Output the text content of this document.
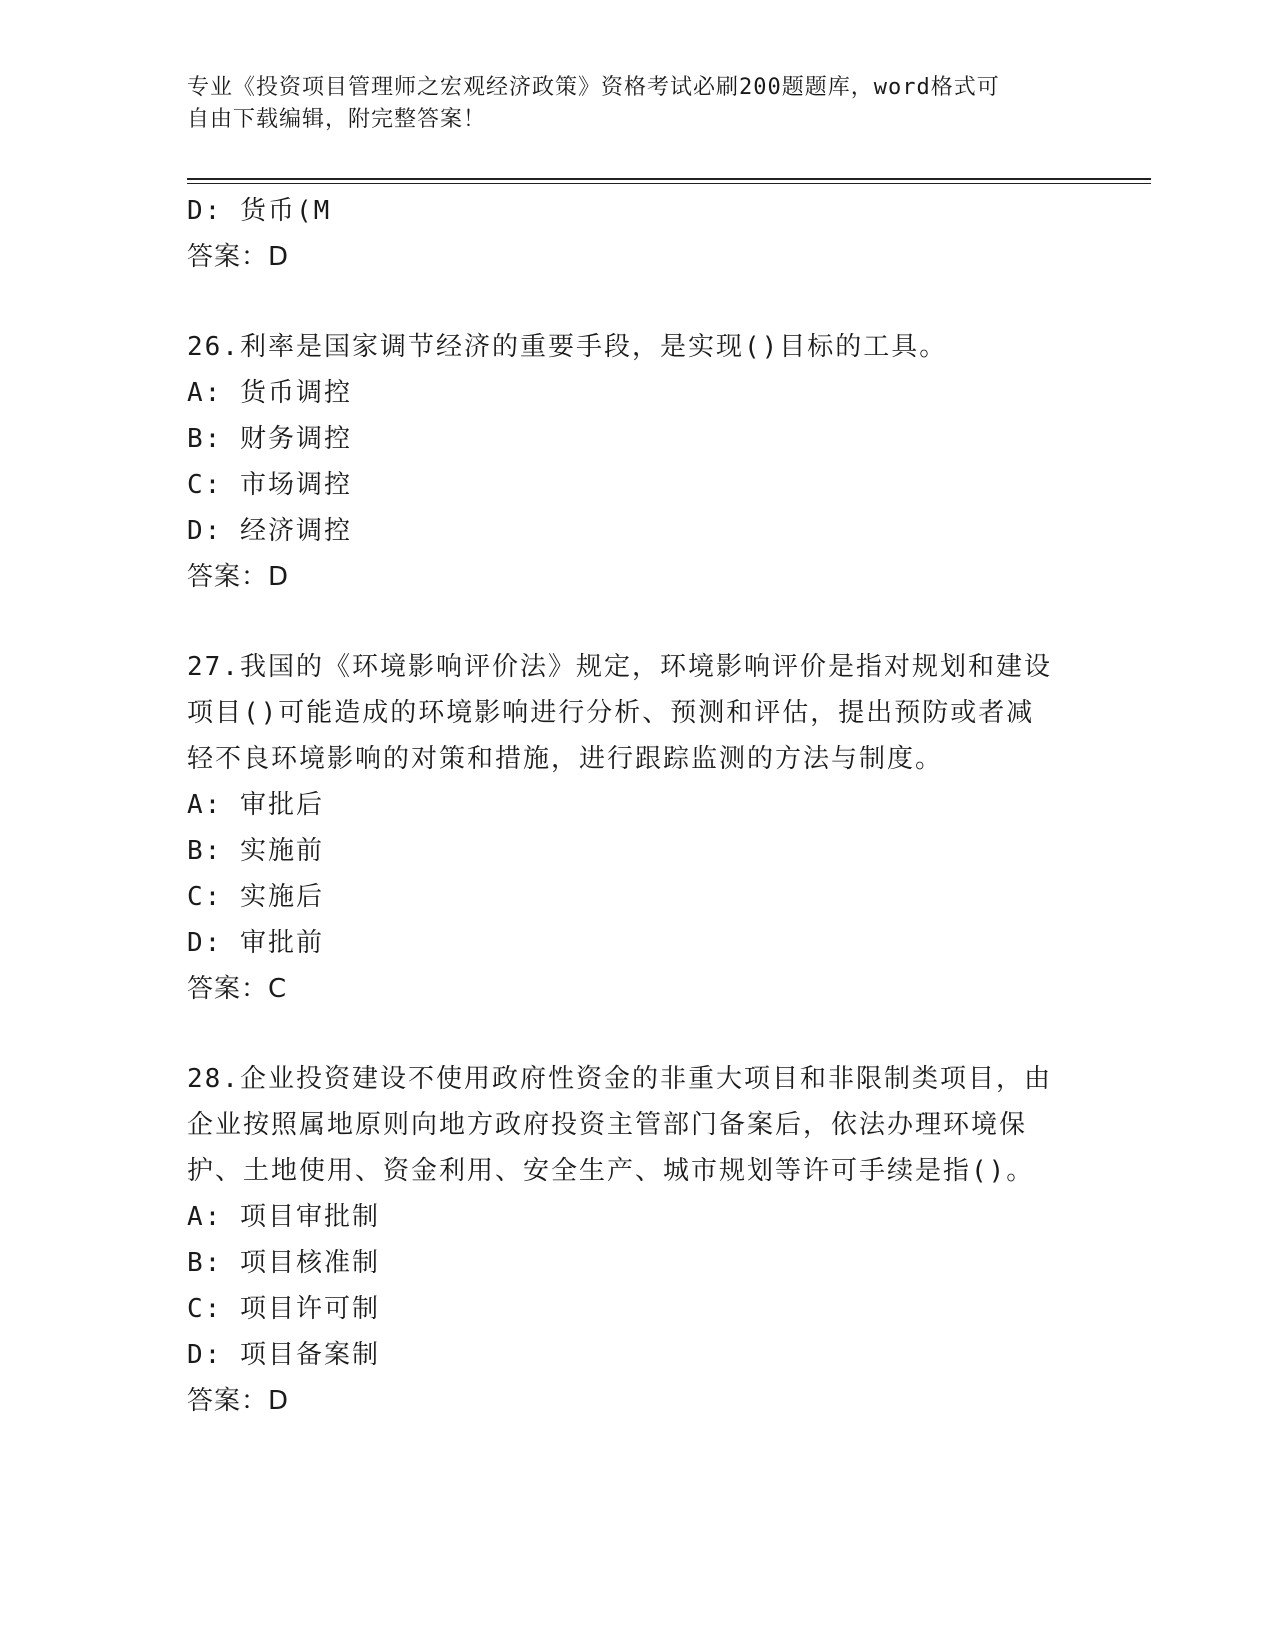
专业《投资项目管理师之宏观经济政策》资格考试必刷200题题库，word格式可
自由下载编辑，附完整答案！
D: 货币(M
答案：D
26.利率是国家调节经济的重要手段，是实现()目标的工具。
A: 货币调控
B: 财务调控
C: 市场调控
D: 经济调控
答案：D
27.我国的《环境影响评价法》规定，环境影响评价是指对规划和建设
项目()可能造成的环境影响进行分析、预测和评估，提出预防或者减
轻不良环境影响的对策和措施，进行跟踪监测的方法与制度。
A: 审批后
B: 实施前
C: 实施后
D: 审批前
答案：C
28.企业投资建设不使用政府性资金的非重大项目和非限制类项目，由
企业按照属地原则向地方政府投资主管部门备案后，依法办理环境保
护、土地使用、资金利用、安全生产、城市规划等许可手续是指()。
A: 项目审批制
B: 项目核准制
C: 项目许可制
D: 项目备案制
答案：D
